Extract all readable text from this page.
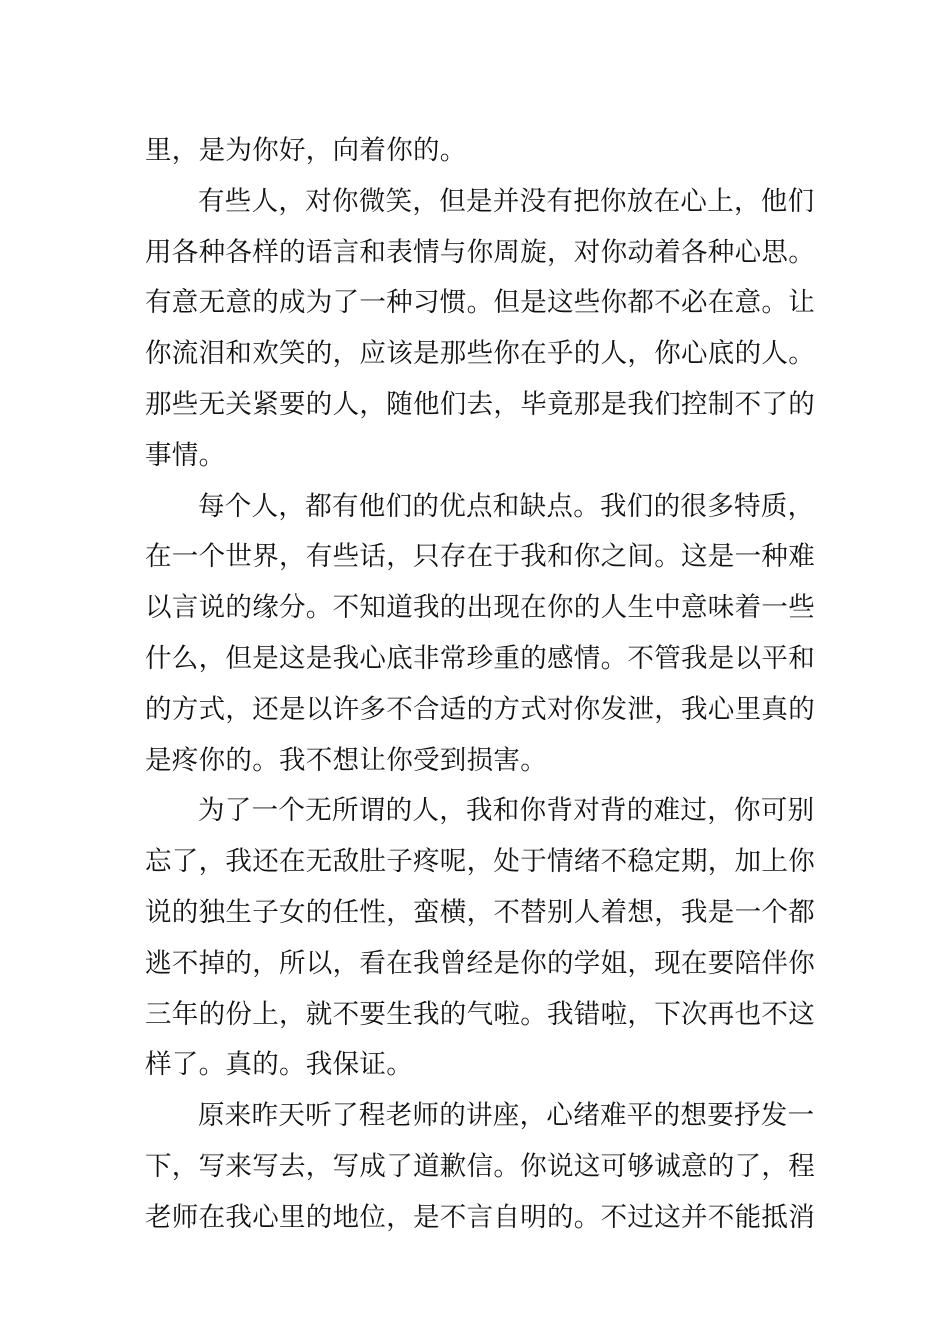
里，是为你好，向着你的。
有些人，对你微笑，但是并没有把你放在心上，他们
用各种各样的语言和表情与你周旋，对你动着各种心思。
有意无意的成为了一种习惯。但是这些你都不必在意。让
你流泪和欢笑的，应该是那些你在乎的人，你心底的人。
那些无关紧要的人，随他们去，毕竟那是我们控制不了的
事情。
每个人，都有他们的优点和缺点。我们的很多特质，
在一个世界，有些话，只存在于我和你之间。这是一种难
以言说的缘分。不知道我的出现在你的人生中意味着一些
什么，但是这是我心底非常珍重的感情。不管我是以平和
的方式，还是以许多不合适的方式对你发泄，我心里真的
是疼你的。我不想让你受到损害。
为了一个无所谓的人，我和你背对背的难过，你可别
忘了，我还在无敌肚子疼呢，处于情绪不稳定期，加上你
说的独生子女的任性，蛮横，不替别人着想，我是一个都
逃不掉的，所以，看在我曾经是你的学姐，现在要陪伴你
三年的份上，就不要生我的气啦。我错啦，下次再也不这
样了。真的。我保证。
原来昨天听了程老师的讲座，心绪难平的想要抒发一
下，写来写去，写成了道歉信。你说这可够诚意的了，程
老师在我心里的地位，是不言自明的。不过这并不能抵消
